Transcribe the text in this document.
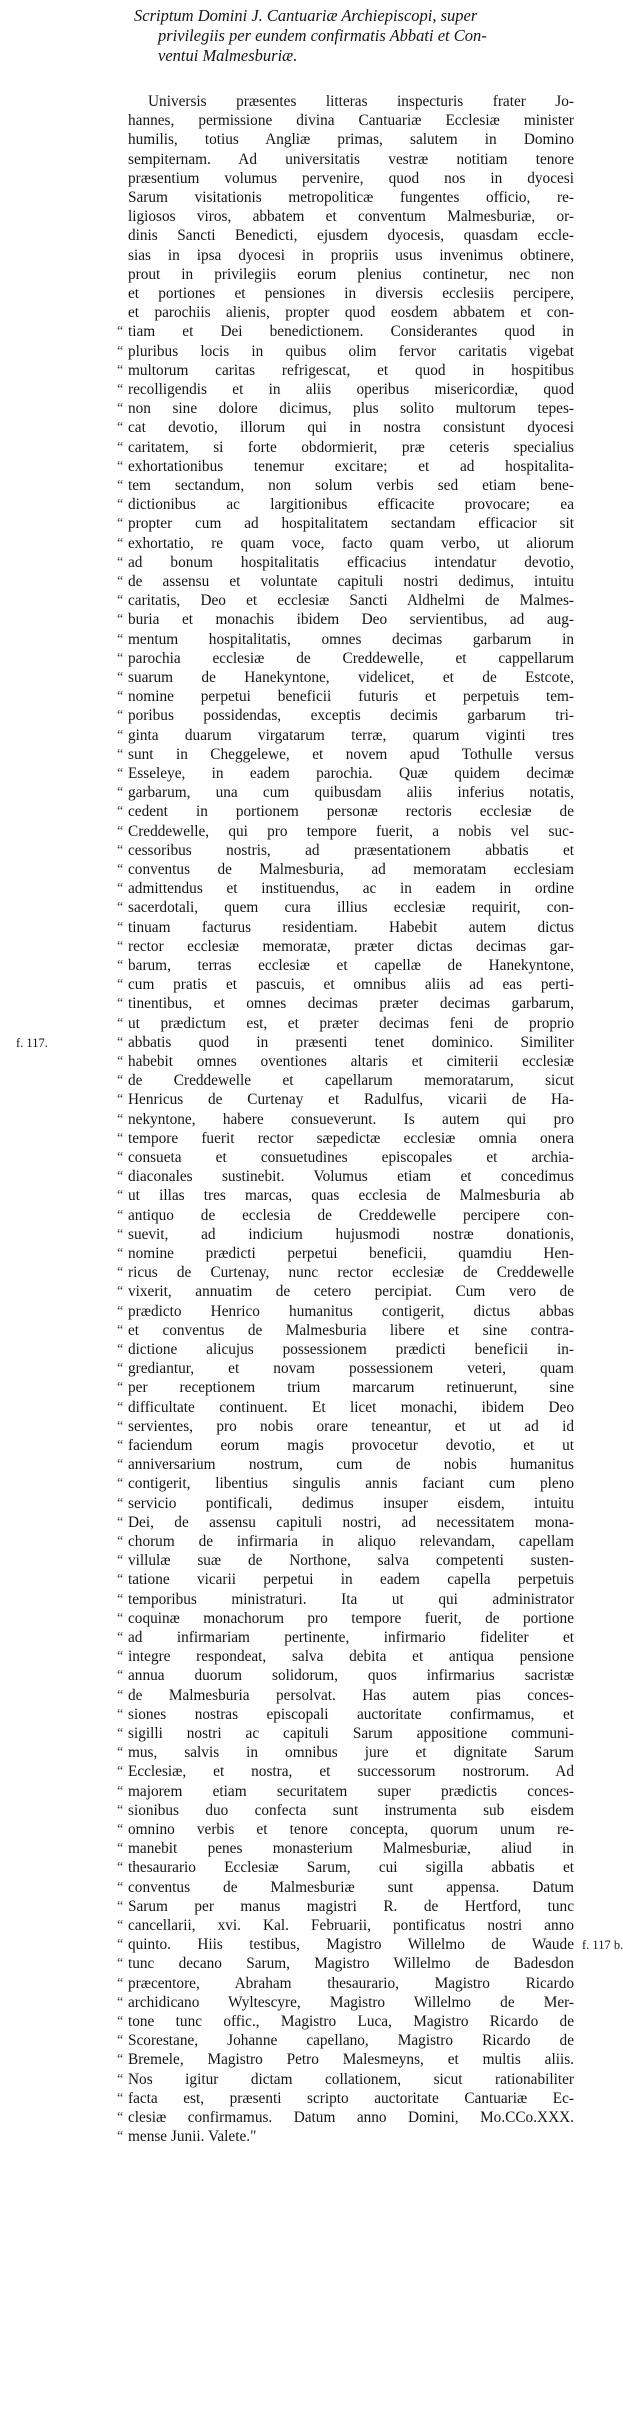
Scriptum Domini J. Cantuariæ Archiepiscopi, super
privilegiis per eundem confirmatis Abbati et Con-
ventui Malmesburiæ.
Universis præsentes litteras inspecturis frater Jo-
hannes, permissione divina Cantuariæ Ecclesiæ minister
humilis, totius Angliæ primas, salutem in Domino
sempiternam. Ad universitatis vestræ notitiam tenore
præsentium volumus pervenire, quod nos in dyocesi
Sarum visitationis metropoliticæ fungentes officio, re-
ligiosos viros, abbatem et conventum Malmesburiæ, or-
dinis Sancti Benedicti, ejusdem dyocesis, quasdam eccle-
sias in ipsa dyocesi in propriis usus invenimus obtinere,
prout in privilegiis eorum plenius continetur, nec non
et portiones et pensiones in diversis ecclesiis percipere,
et parochiis alienis, propter quod eosdem abbatem et con-
“ tiam et Dei benedictionem. Considerantes quod in
“ pluribus locis in quibus olim fervor caritatis vigebat
“ multorum caritas refrigescat, et quod in hospitibus
“ recolligendis et in aliis operibus misericordiæ, quod
“ non sine dolore dicimus, plus solito multorum tepes-
“ cat devotio, illorum qui in nostra consistunt dyocesi
“ caritatem, si forte obdormierit, præ ceteris specialius
“ exhortationibus tenemur excitare; et ad hospitalita-
“ tem sectandum, non solum verbis sed etiam bene-
“ dictionibus ac largitionibus efficacite provocare; ea
“ propter cum ad hospitalitatem sectandam efficacior sit
“ exhortatio, re quam voce, facto quam verbo, ut aliorum
“ ad bonum hospitalitatis efficacius intendatur devotio,
“ de assensu et voluntate capituli nostri dedimus, intuitu
“ caritatis, Deo et ecclesiæ Sancti Aldhelmi de Malmes-
“ buria et monachis ibidem Deo servientibus, ad aug-
“ mentum hospitalitatis, omnes decimas garbarum in
“ parochia ecclesiæ de Creddewelle, et cappellarum
“ suarum de Hanekyntone, videlicet, et de Estcote,
“ nomine perpetui beneficii futuris et perpetuis tem-
“ poribus possidendas, exceptis decimis garbarum tri-
“ ginta duarum virgatarum terræ, quarum viginti tres
“ sunt in Cheggelewe, et novem apud Tothulle versus
“ Esseleye, in eadem parochia. Quæ quidem decimæ
“ garbarum, una cum quibusdam aliis inferius notatis,
“ cedent in portionem personæ rectoris ecclesiæ de
“ Creddewelle, qui pro tempore fuerit, a nobis vel suc-
“ cessoribus nostris, ad præsentationem abbatis et
“ conventus de Malmesburia, ad memoratam ecclesiam
“ admittendus et instituendus, ac in eadem in ordine
“ sacerdotali, quem cura illius ecclesiæ requirit, con-
“ tinuam facturus residentiam. Habebit autem dictus
“ rector ecclesiæ memoratæ, præter dictas decimas gar-
“ barum, terras ecclesiæ et capellæ de Hanekyntone,
“ cum pratis et pascuis, et omnibus aliis ad eas perti-
“ tinentibus, et omnes decimas præter decimas garbarum,
“ ut prædictum est, et præter decimas feni de proprio
“ abbatis quod in præsenti tenet dominico. Similiter
“ habebit omnes oventiones altaris et cimiterii ecclesiæ
“ de Creddewelle et capellarum memoratarum, sicut
“ Henricus de Curtenay et Radulfus, vicarii de Ha-
“ nekyntone, habere consueverunt. Is autem qui pro
“ tempore fuerit rector sæpedictæ ecclesiæ omnia onera
“ consueta et consuetudines episcopales et archia-
“ diaconales sustinebit. Volumus etiam et concedimus
“ ut illas tres marcas, quas ecclesia de Malmesburia ab
“ antiquo de ecclesia de Creddewelle percipere con-
“ suevit, ad indicium hujusmodi nostræ donationis,
“ nomine prædicti perpetui beneficii, quamdiu Hen-
“ ricus de Curtenay, nunc rector ecclesiæ de Creddewelle
“ vixerit, annuatim de cetero percipiat. Cum vero de
“ prædicto Henrico humanitus contigerit, dictus abbas
“ et conventus de Malmesburia libere et sine contra-
“ dictione alicujus possessionem prædicti beneficii in-
“ grediantur, et novam possessionem veteri, quam
“ per receptionem trium marcarum retinuerunt, sine
“ difficultate continuent. Et licet monachi, ibidem Deo
“ servientes, pro nobis orare teneantur, et ut ad id
“ faciendum eorum magis provocetur devotio, et ut
“ anniversarium nostrum, cum de nobis humanitus
“ contigerit, libentius singulis annis faciant cum pleno
“ servicio pontificali, dedimus insuper eisdem, intuitu
“ Dei, de assensu capituli nostri, ad necessitatem mona-
“ chorum de infirmaria in aliquo relevandam, capellam
“ villulæ suæ de Northone, salva competenti susten-
“ tatione vicarii perpetui in eadem capella perpetuis
“ temporibus ministraturi. Ita ut qui administrator
“ coquinæ monachorum pro tempore fuerit, de portione
“ ad infirmariam pertinente, infirmario fideliter et
“ integre respondeat, salva debita et antiqua pensione
“ annua duorum solidorum, quos infirmarius sacristæ
“ de Malmesburia persolvat. Has autem pias conces-
“ siones nostras episcopali auctoritate confirmamus, et
“ sigilli nostri ac capituli Sarum appositione communi-
“ mus, salvis in omnibus jure et dignitate Sarum
“ Ecclesiæ, et nostra, et successorum nostrorum. Ad
“ majorem etiam securitatem super prædictis conces-
“ sionibus duo confecta sunt instrumenta sub eisdem
“ omnino verbis et tenore concepta, quorum unum re-
“ manebit penes monasterium Malmesburiæ, aliud in
“ thesaurario Ecclesiæ Sarum, cui sigilla abbatis et
“ conventus de Malmesburiæ sunt appensa. Datum
“ Sarum per manus magistri R. de Hertford, tunc
“ cancellarii, xvi. Kal. Februarii, pontificatus nostri anno
“ quinto. Hiis testibus, Magistro Willelmo de Waude
“ tunc decano Sarum, Magistro Willelmo de Badesdon
“ præcentore, Abraham thesaurario, Magistro Ricardo
“ archidicano Wyltescyre, Magistro Willelmo de Mer-
“ tone tunc offic., Magistro Luca, Magistro Ricardo de
“ Scorestane, Johanne capellano, Magistro Ricardo de
“ Bremele, Magistro Petro Malesmeyns, et multis aliis.
“ Nos igitur dictam collationem, sicut rationabiliter
“ facta est, præsenti scripto auctoritate Cantuariæ Ec-
“ clesiæ confirmamus. Datum anno Domini, Mo.CCo.XXX.
“ mense Junii. Valete."
f. 117.
f. 117 b.
